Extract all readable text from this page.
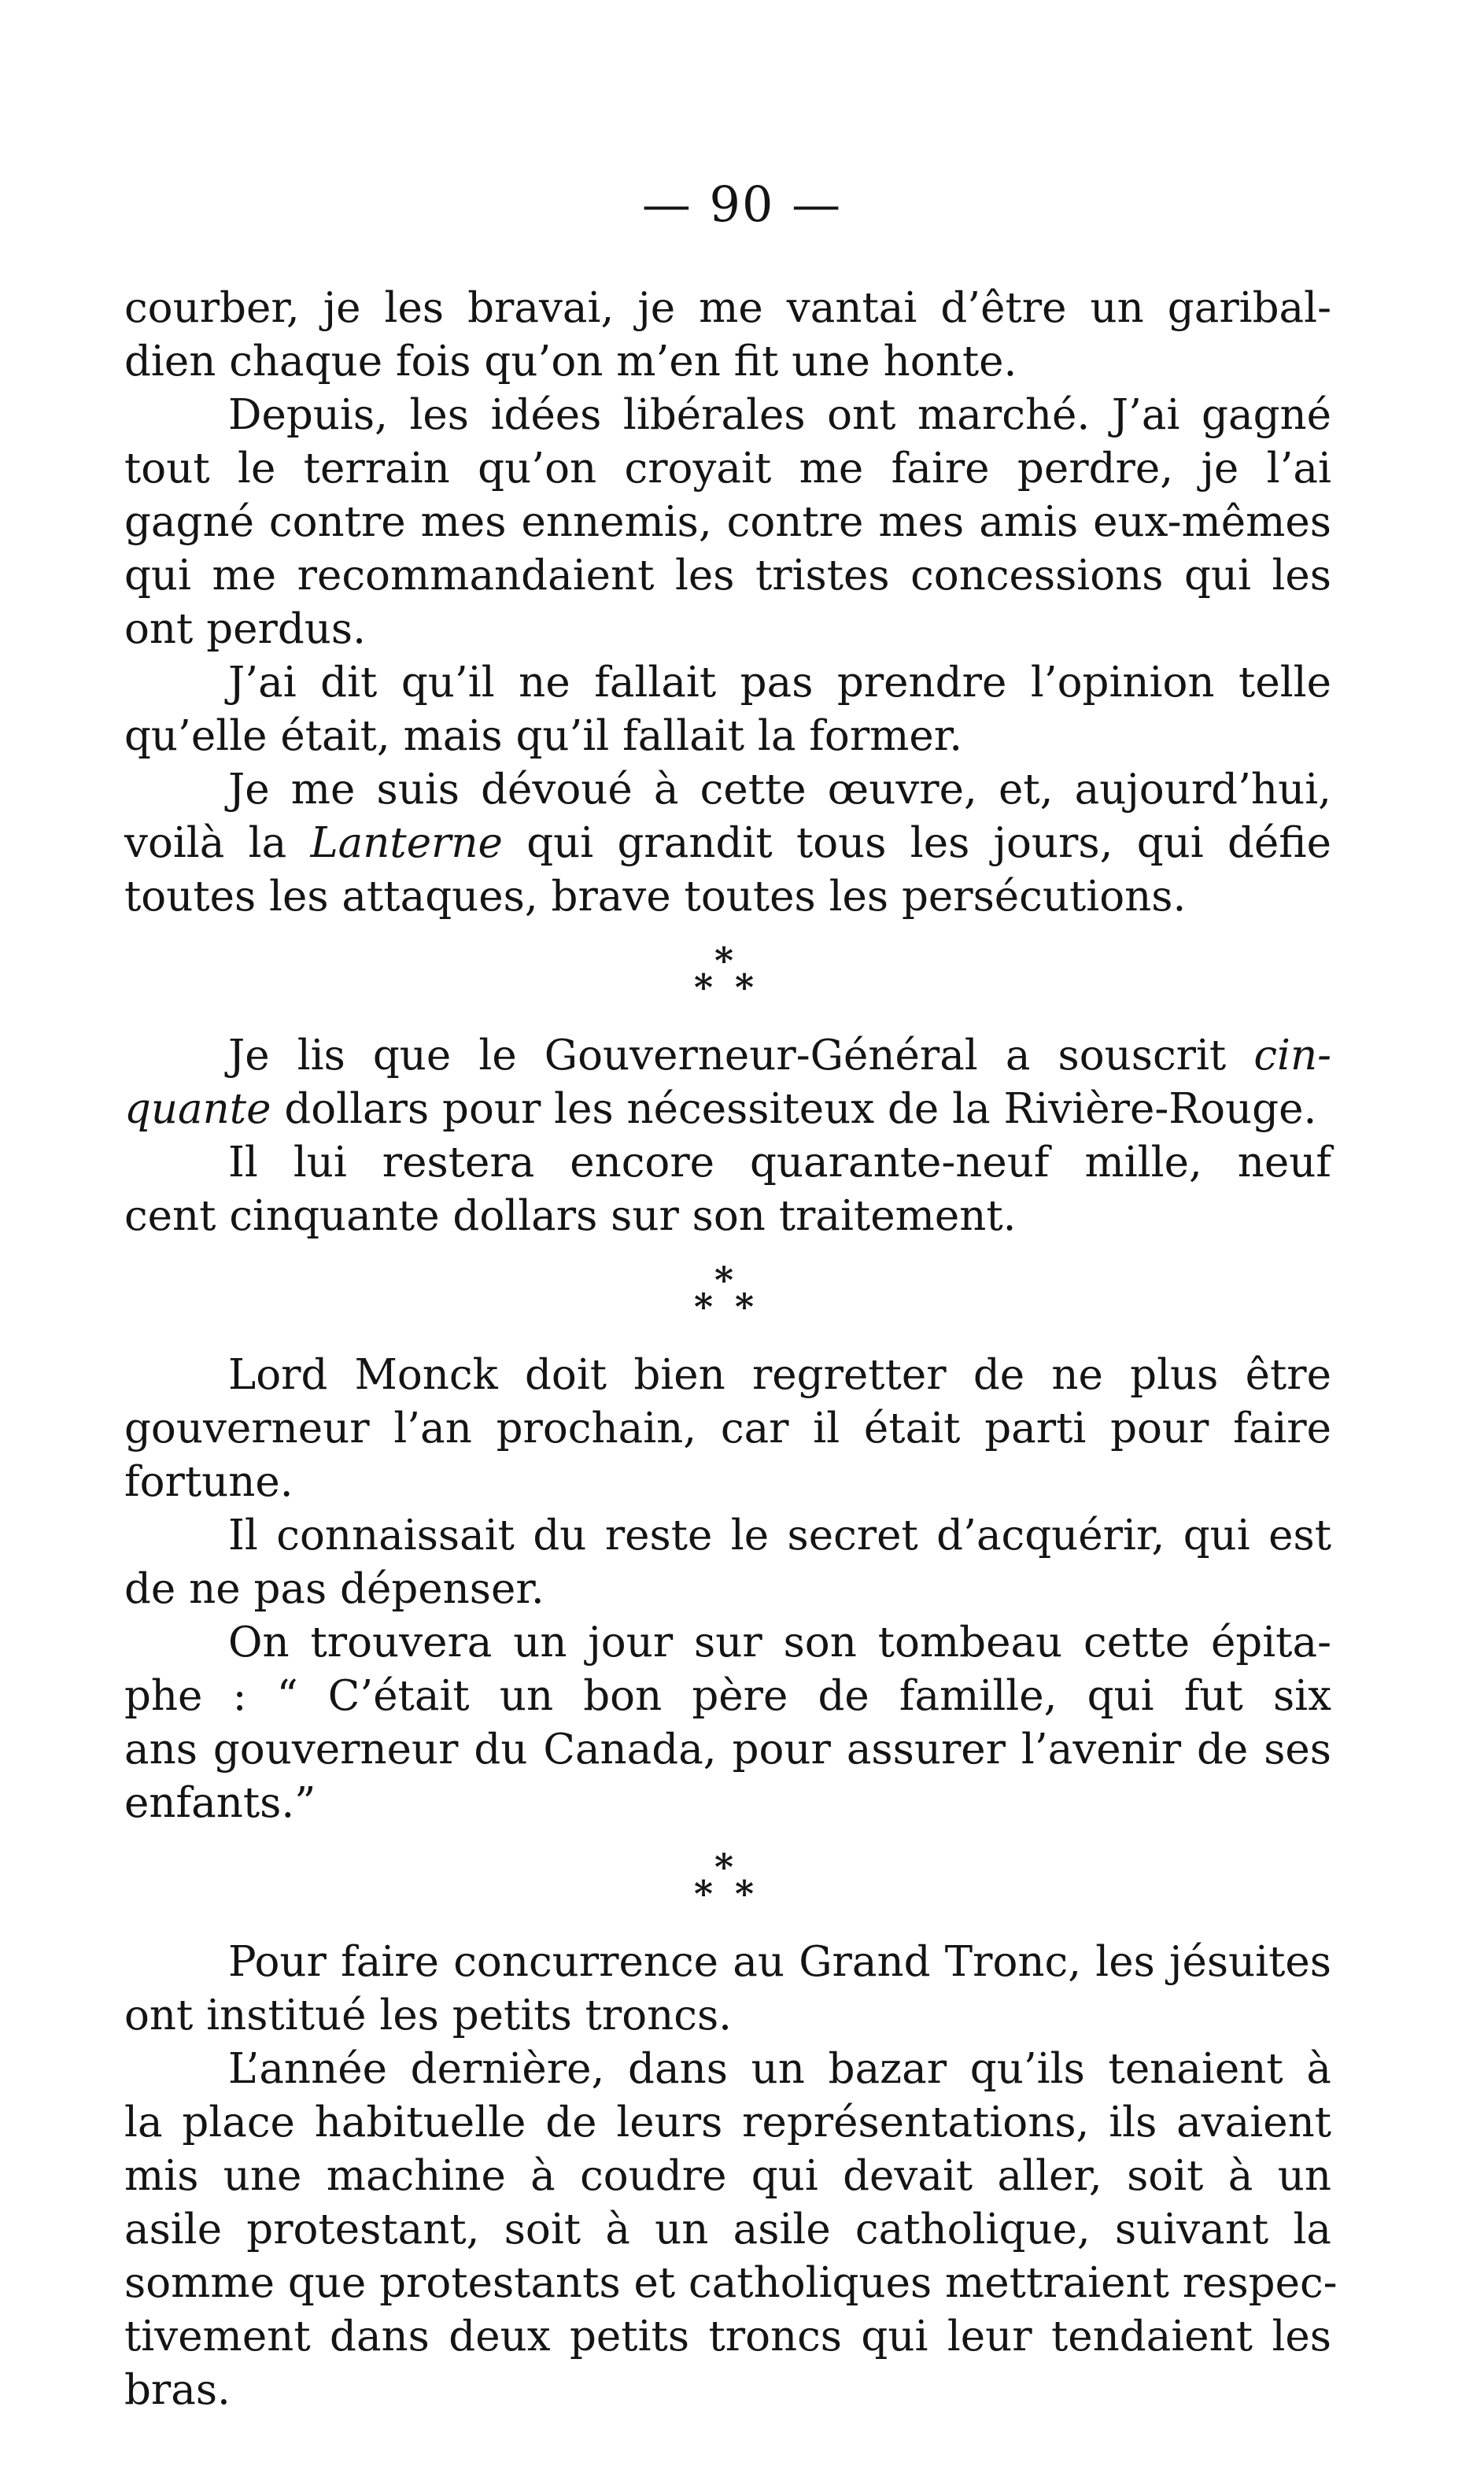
— 90 —
courber, je les bravai, je me vantai d’être un garibal-
dien chaque fois qu’on m’en fit une honte.
Depuis, les idées libérales ont marché. J’ai gagné
tout le terrain qu’on croyait me faire perdre, je l’ai
gagné contre mes ennemis, contre mes amis eux-mêmes
qui me recommandaient les tristes concessions qui les
ont perdus.
J’ai dit qu’il ne fallait pas prendre l’opinion telle
qu’elle était, mais qu’il fallait la former.
Je me suis dévoué à cette œuvre, et, aujourd’hui,
voilà la Lanterne qui grandit tous les jours, qui défie
toutes les attaques, brave toutes les persécutions.
*
* *
Je lis que le Gouverneur-Général a souscrit cin-
quante dollars pour les nécessiteux de la Rivière-Rouge.
Il lui restera encore quarante-neuf mille, neuf
cent cinquante dollars sur son traitement.
*
* *
Lord Monck doit bien regretter de ne plus être
gouverneur l’an prochain, car il était parti pour faire
fortune.
Il connaissait du reste le secret d’acquérir, qui est
de ne pas dépenser.
On trouvera un jour sur son tombeau cette épita-
phe : “ C’était un bon père de famille, qui fut six
ans gouverneur du Canada, pour assurer l’avenir de ses
enfants.”
*
* *
Pour faire concurrence au Grand Tronc, les jésuites
ont institué les petits troncs.
L’année dernière, dans un bazar qu’ils tenaient à
la place habituelle de leurs représentations, ils avaient
mis une machine à coudre qui devait aller, soit à un
asile protestant, soit à un asile catholique, suivant la
somme que protestants et catholiques mettraient respec-
tivement dans deux petits troncs qui leur tendaient les
bras.
